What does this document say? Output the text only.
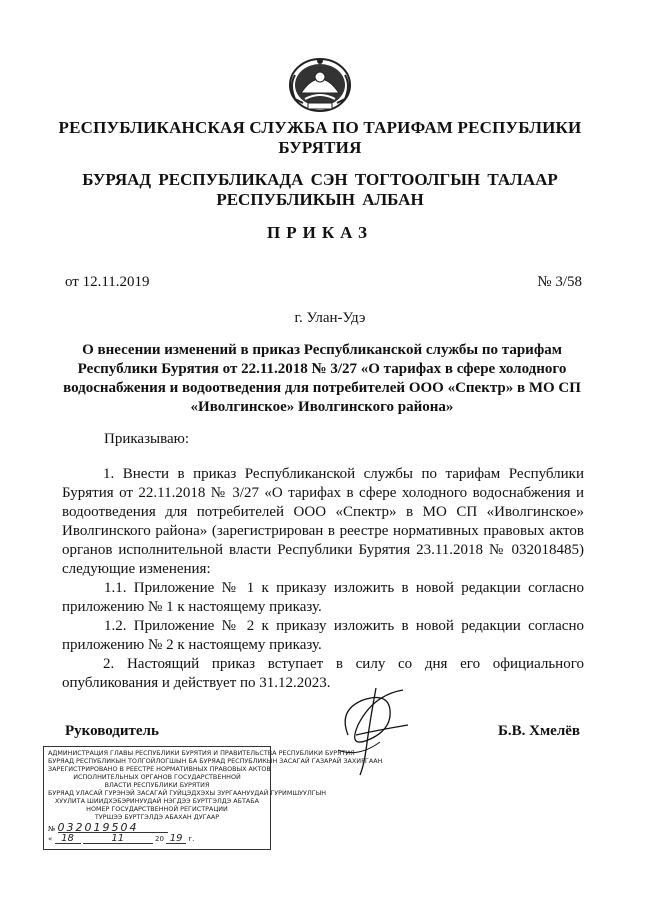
РЕСПУБЛИКАНСКАЯ СЛУЖБА ПО ТАРИФАМ РЕСПУБЛИКИ
БУРЯТИЯ
БУРЯАД РЕСПУБЛИКАДА СЭН ТОГТООЛГЫН ТАЛААР
РЕСПУБЛИКЫН АЛБАН
ПРИКАЗ
от 12.11.2019	№ 3/58
г. Улан-Удэ
О внесении изменений в приказ Республиканской службы по тарифам Республики Бурятия от 22.11.2018 № 3/27 «О тарифах в сфере холодного водоснабжения и водоотведения для потребителей ООО «Спектр» в МО СП «Иволгинское» Иволгинского района»
Приказываю:

1. Внести в приказ Республиканской службы по тарифам Республики Бурятия от 22.11.2018 № 3/27 «О тарифах в сфере холодного водоснабжения и водоотведения для потребителей ООО «Спектр» в МО СП «Иволгинское» Иволгинского района» (зарегистрирован в реестре нормативных правовых актов органов исполнительной власти Республики Бурятия 23.11.2018 № 032018485) следующие изменения:

1.1. Приложение № 1 к приказу изложить в новой редакции согласно приложению № 1 к настоящему приказу.

1.2. Приложение № 2 к приказу изложить в новой редакции согласно приложению № 2 к настоящему приказу.

2. Настоящий приказ вступает в силу со дня его официального опубликования и действует по 31.12.2023.

Руководитель	Б.В. Хмелёв
АДМИНИСТРАЦИЯ ГЛАВЫ РЕСПУБЛИКИ БУРЯТИЯ И ПРАВИТЕЛЬСТВА РЕСПУБЛИКИ БУРЯТИЯ
БУРЯАД РЕСПУБЛИКЫН ТОЛГОЙЛОГШЫН БА БУРЯАД РЕСПУБЛИКЫН ЗАСАГАЙ ГАЗАРАЙ ЗАХИРГААН
ЗАРЕГИСТРИРОВАНО В РЕЕСТРЕ НОРМАТИВНЫХ ПРАВОВЫХ АКТОВ
ИСПОЛНИТЕЛЬНЫХ ОРГАНОВ ГОСУДАРСТВЕННОЙ
ВЛАСТИ РЕСПУБЛИКИ БУРЯТИЯ
БУРЯАД УЛАСАЙ ГУРЭНЭЙ ЗАСАГАЙ ГУЙЦЭДХЭХЫ ЗУРГААНУУДАЙ ГУРИМШУУЛГЫН
ХУУЛИТА ШИИДХЭБЭРИНУУДАЙ НЭГДЭЭ БУРТГЭЛДЭ АБТАБА
НОМЕР ГОСУДАРСТВЕННОЙ РЕГИСТРАЦИИ
ТУРШЭЭ БУРТГЭЛДЭ АБАХАН ДУГААР
№ 032019504
« 18	11	20 19 г.
